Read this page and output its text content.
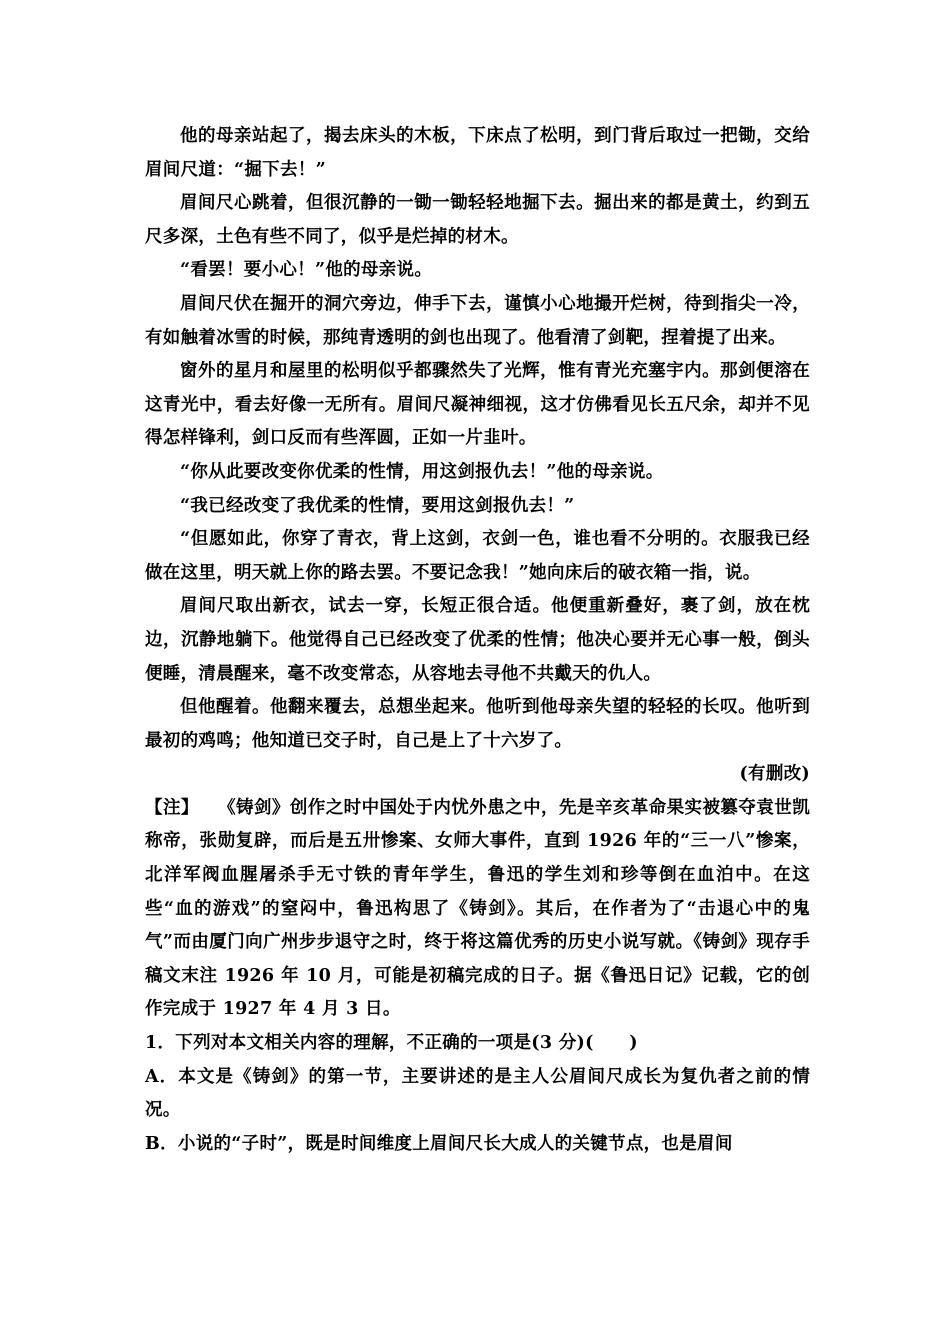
他的母亲站起了，揭去床头的木板，下床点了松明，到门背后取过一把锄，交给眉间尺道：“掘下去！”

眉间尺心跳着，但很沉静的一锄一锄轻轻地掘下去。掘出来的都是黄土，约到五尺多深，土色有些不同了，似乎是烂掉的材木。

“看罢！要小心！”他的母亲说。

眉间尺伏在掘开的洞穴旁边，伸手下去，谨慎小心地撮开烂树，待到指尖一冷，有如触着冰雪的时候，那纯青透明的剑也出现了。他看清了剑靶，捏着提了出来。

窗外的星月和屋里的松明似乎都骤然失了光辉，惟有青光充塞宇内。那剑便溶在这青光中，看去好像一无所有。眉间尺凝神细视，这才仿佛看见长五尺余，却并不见得怎样锋利，剑口反而有些浑圆，正如一片韭叶。

“你从此要改变你优柔的性情，用这剑报仇去！”他的母亲说。

“我已经改变了我优柔的性情，要用这剑报仇去！”

“但愿如此，你穿了青衣，背上这剑，衣剑一色，谁也看不分明的。衣服我已经做在这里，明天就上你的路去罢。不要记念我！”她向床后的破衣箱一指，说。

眉间尺取出新衣，试去一穿，长短正很合适。他便重新叠好，裹了剑，放在枕边，沉静地躺下。他觉得自己已经改变了优柔的性情；他决心要并无心事一般，倒头便睡，清晨醒来，毫不改变常态，从容地去寻他不共戴天的仇人。

但他醒着。他翻来覆去，总想坐起来。他听到他母亲失望的轻轻的长叹。他听到最初的鸡鸣；他知道已交子时，自己是上了十六岁了。

(有删改)

【注】 《铸剑》创作之时中国处于内忧外患之中，先是辛亥革命果实被篡夺袁世凯称帝，张勋复辟，而后是五卅惨案、女师大事件，直到 1926 年的“三一八”惨案，北洋军阀血腥屠杀手无寸铁的青年学生，鲁迅的学生刘和珍等倒在血泊中。在这些“血的游戏”的窒闷中，鲁迅构思了《铸剑》。其后，在作者为了“击退心中的鬼气”而由厦门向广州步步退守之时，终于将这篇优秀的历史小说写就。《铸剑》现存手稿文末注 1926 年 10 月，可能是初稿完成的日子。据《鲁迅日记》记载，它的创作完成于 1927 年 4 月 3 日。

1．下列对本文相关内容的理解，不正确的一项是(3 分)(　　)

A．本文是《铸剑》的第一节，主要讲述的是主人公眉间尺成长为复仇者之前的情况。

B．小说的“子时”，既是时间维度上眉间尺长大成人的关键节点，也是眉间
